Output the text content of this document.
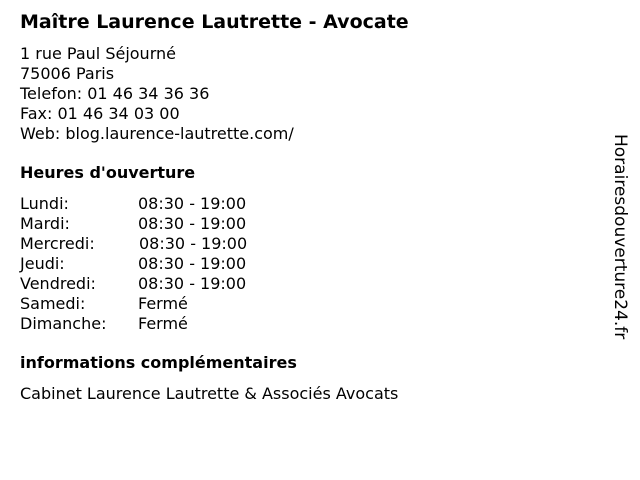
Maître Laurence Lautrette - Avocate
1 rue Paul Séjourné
75006 Paris
Telefon: 01 46 34 36 36
Fax: 01 46 34 03 00
Web: blog.laurence-lautrette.com/
Heures d'ouverture
Lundi:	08:30 - 19:00
Mardi:	08:30 - 19:00
Mercredi:	08:30 - 19:00
Jeudi:	08:30 - 19:00
Vendredi:	08:30 - 19:00
Samedi:	Fermé
Dimanche: Fermé
informations complémentaires
Cabinet Laurence Lautrette & Associés Avocats
Horairesdouverture24.fr
